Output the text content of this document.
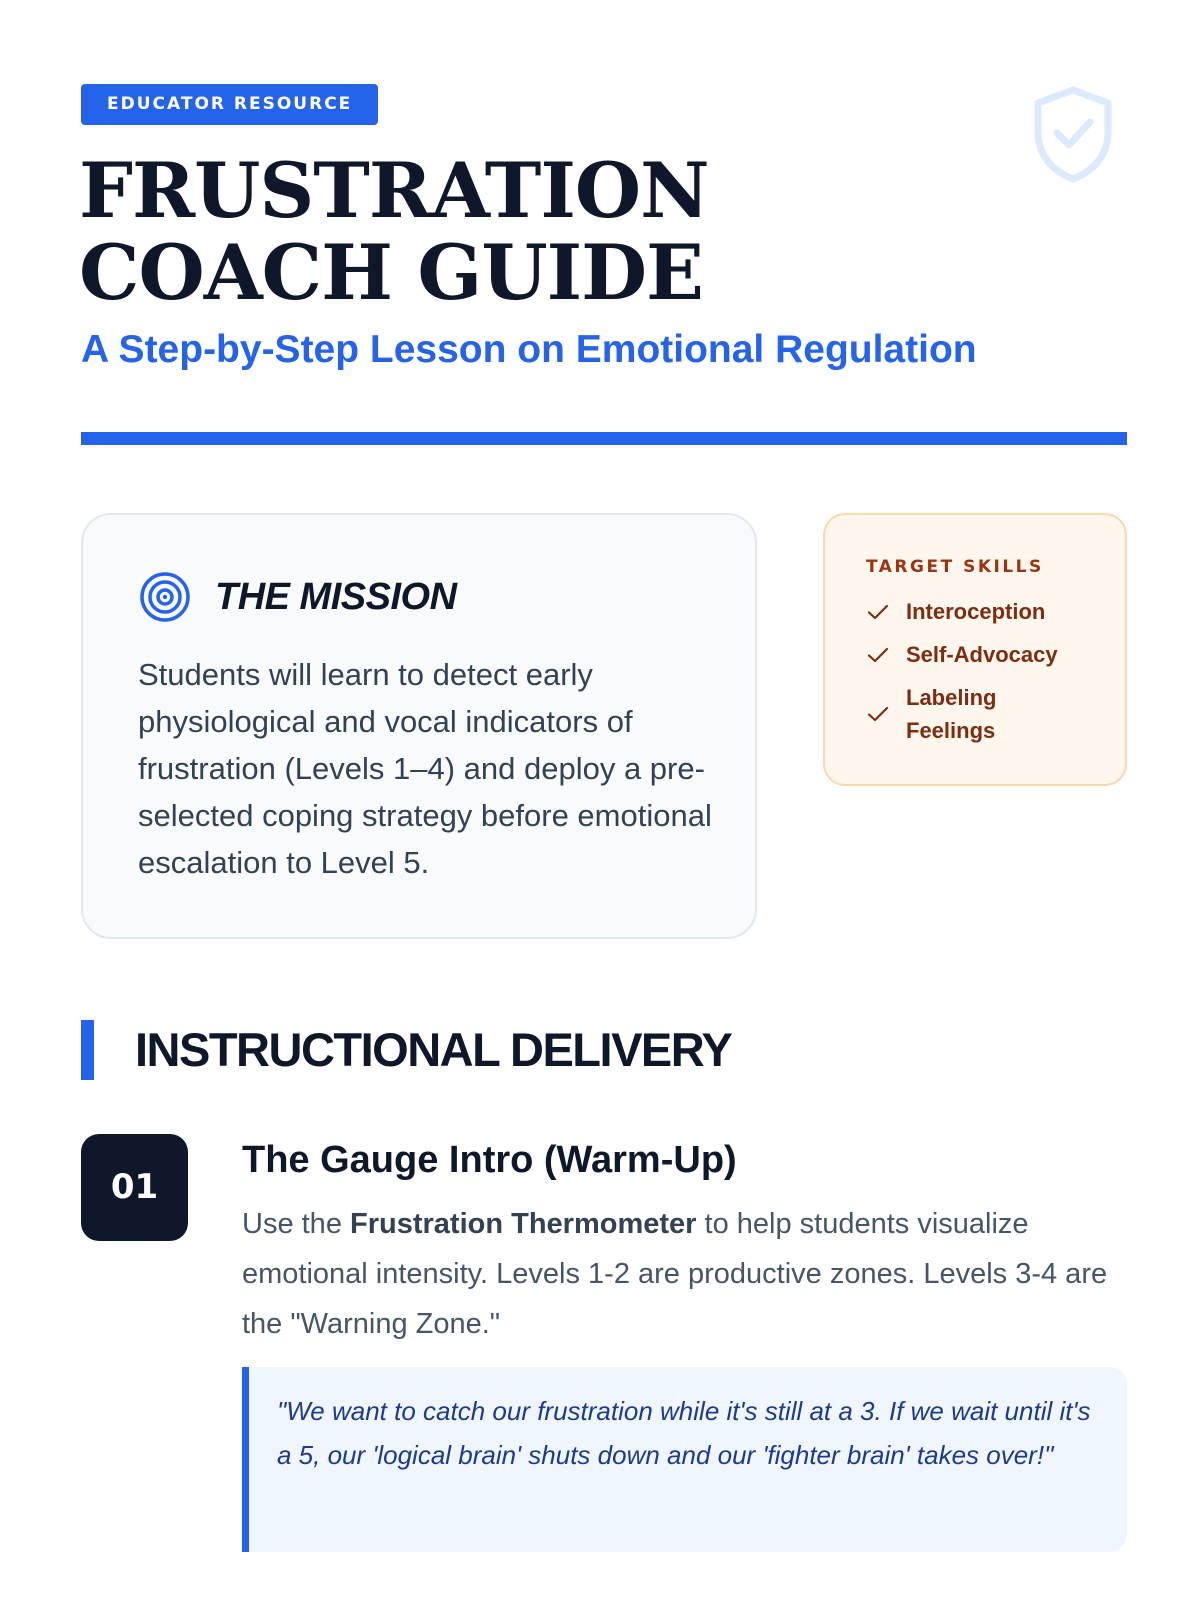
EDUCATOR RESOURCE
FRUSTRATION COACH GUIDE
A Step-by-Step Lesson on Emotional Regulation
THE MISSION

Students will learn to detect early physiological and vocal indicators of frustration (Levels 1–4) and deploy a pre-selected coping strategy before emotional escalation to Level 5.

TARGET SKILLS
Interoception
Self-Advocacy
Labeling Feelings
INSTRUCTIONAL DELIVERY
01
The Gauge Intro (Warm-Up)

Use the Frustration Thermometer to help students visualize emotional intensity. Levels 1-2 are productive zones. Levels 3-4 are the "Warning Zone."

"We want to catch our frustration while it's still at a 3. If we wait until it's a 5, our 'logical brain' shuts down and our 'fighter brain' takes over!"
